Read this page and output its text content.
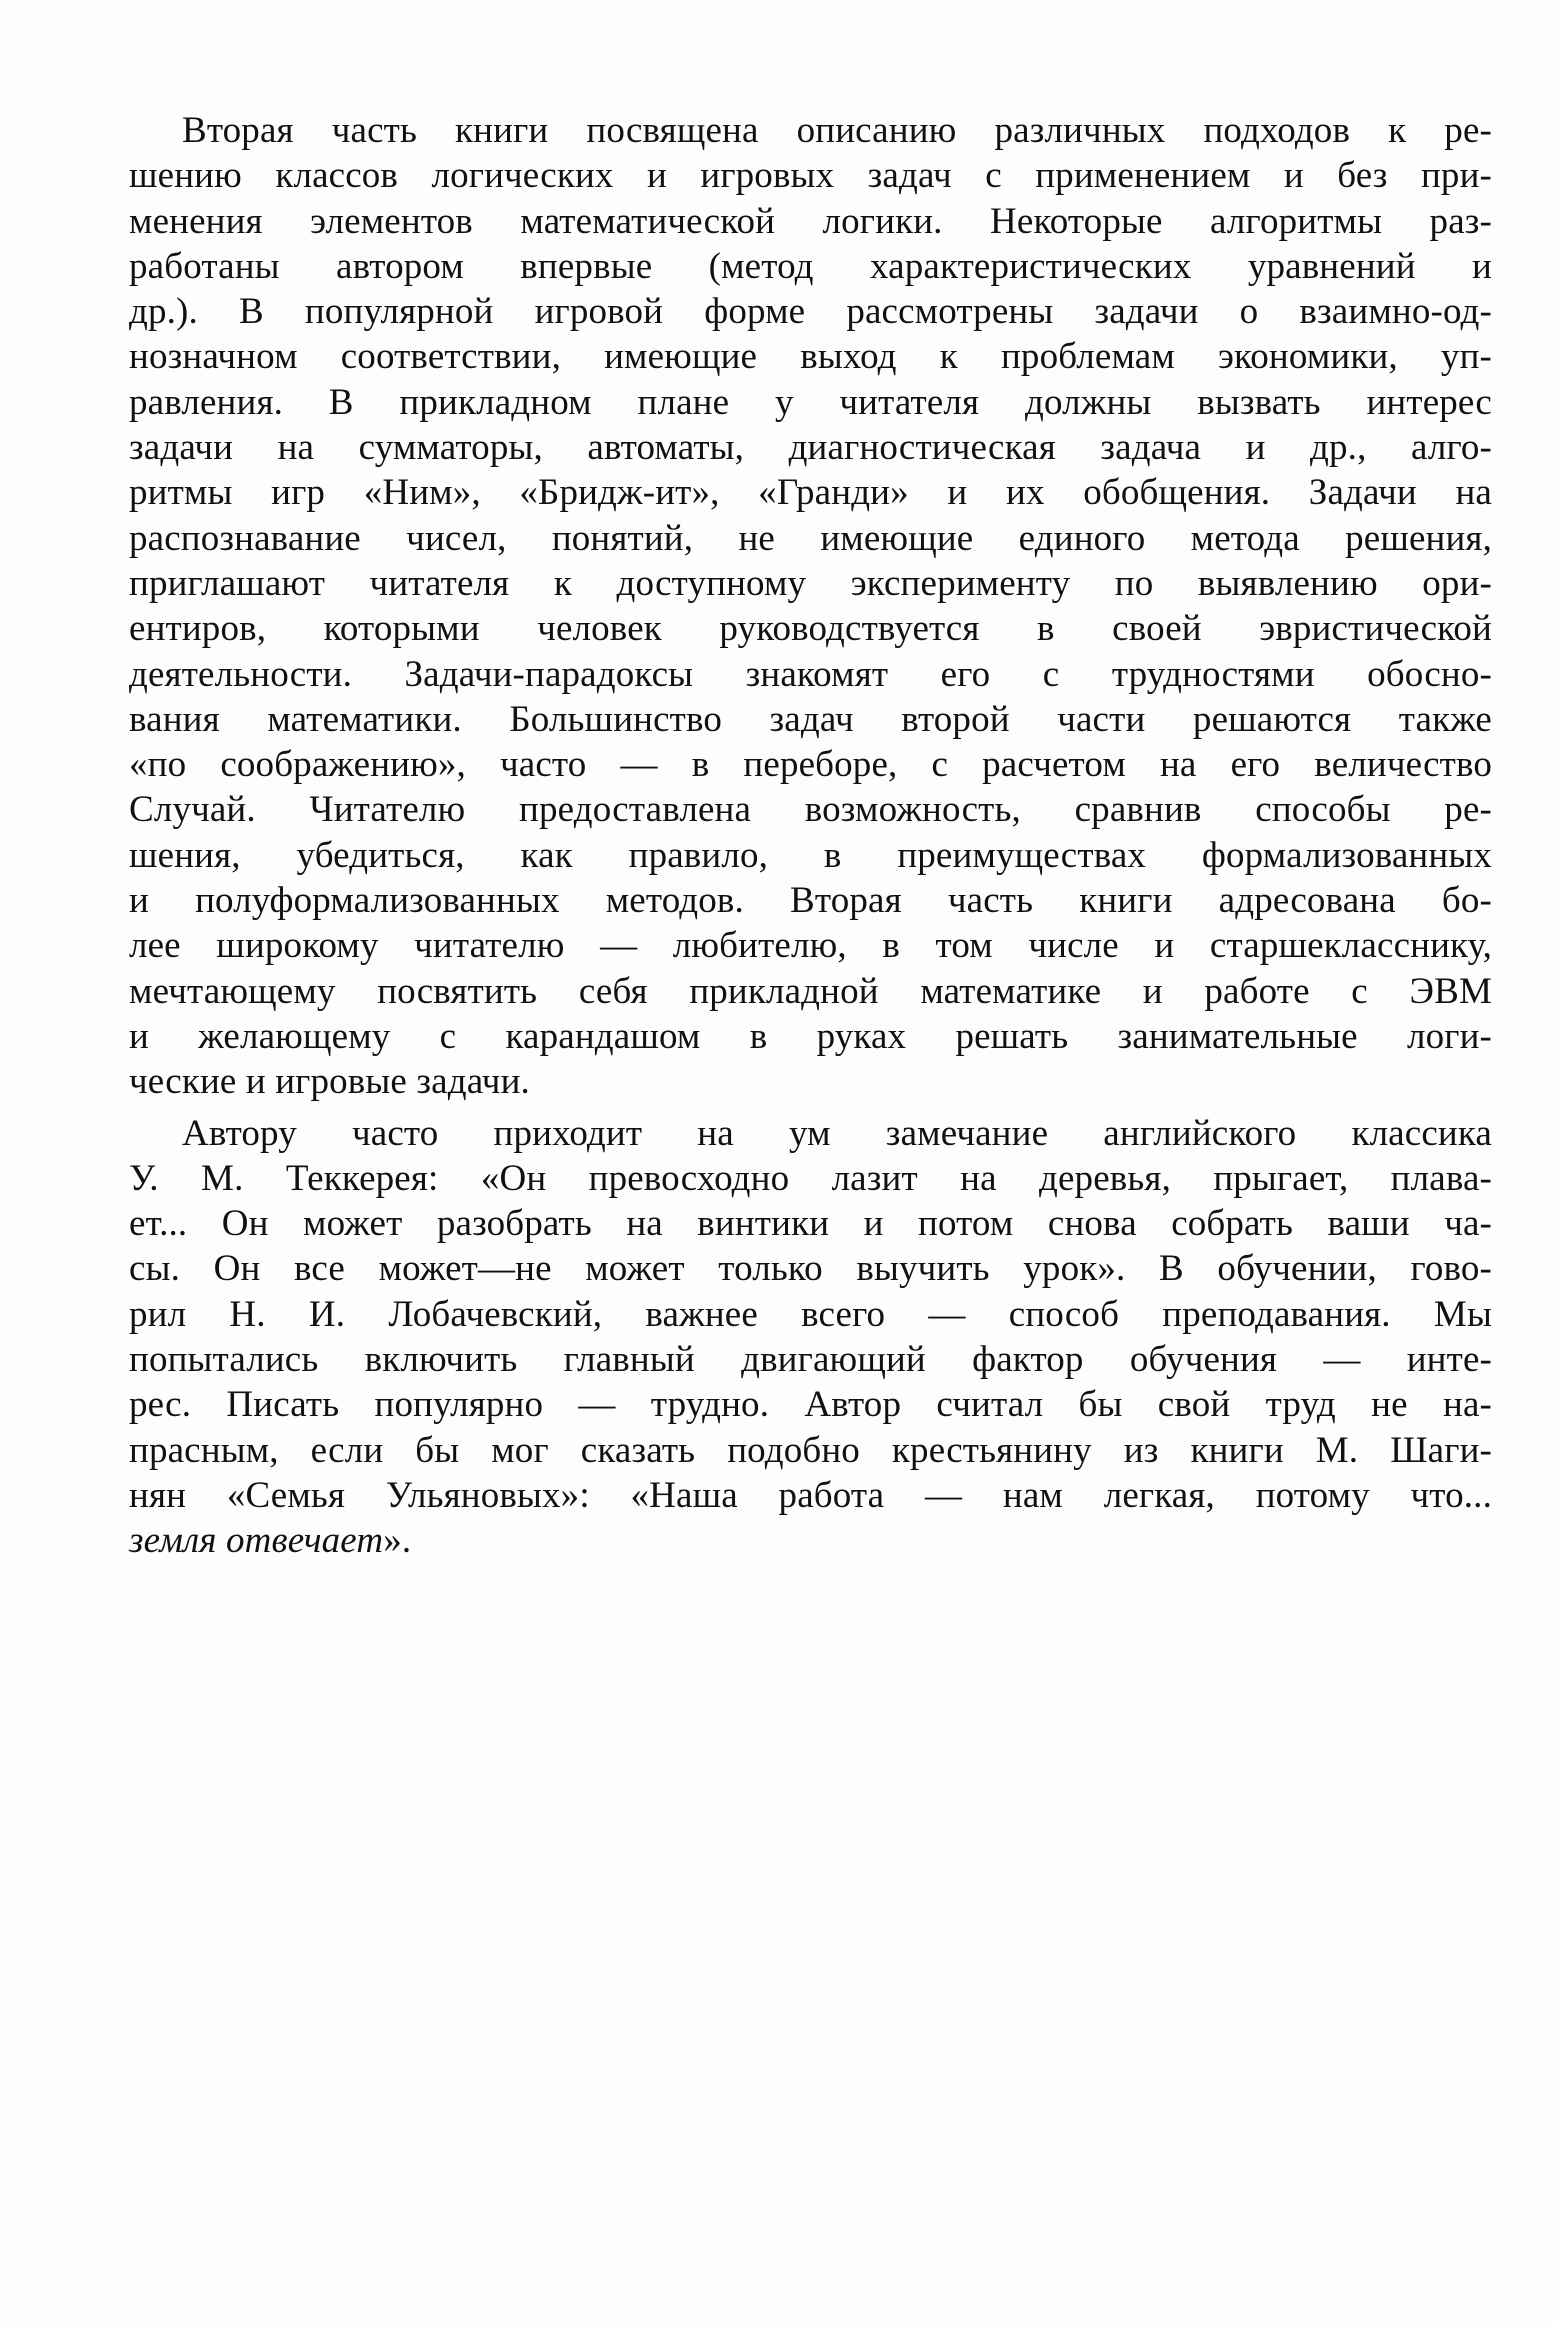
Вторая часть книги посвящена описанию различных подходов к ре-
шению классов логических и игровых задач с применением и без при-
менения элементов математической логики. Некоторые алгоритмы раз-
работаны автором впервые (метод характеристических уравнений и
др.). В популярной игровой форме рассмотрены задачи о взаимно-од-
нозначном соответствии, имеющие выход к проблемам экономики, уп-
равления. В прикладном плане у читателя должны вызвать интерес
задачи на сумматоры, автоматы, диагностическая задача и др., алго-
ритмы игр «Ним», «Бридж-ит», «Гранди» и их обобщения. Задачи на
распознавание чисел, понятий, не имеющие единого метода решения,
приглашают читателя к доступному эксперименту по выявлению ори-
ентиров, которыми человек руководствуется в своей эвристической
деятельности. Задачи-парадоксы знакомят его с трудностями обосно-
вания математики. Большинство задач второй части решаются также
«по соображению», часто — в переборе, с расчетом на его величество
Случай. Читателю предоставлена возможность, сравнив способы ре-
шения, убедиться, как правило, в преимуществах формализованных
и полуформализованных методов. Вторая часть книги адресована бо-
лее широкому читателю — любителю, в том числе и старшекласснику,
мечтающему посвятить себя прикладной математике и работе с ЭВМ
и желающему с карандашом в руках решать занимательные логи-
ческие и игровые задачи.
Автору часто приходит на ум замечание английского классика
У. М. Теккерея: «Он превосходно лазит на деревья, прыгает, плава-
ет... Он может разобрать на винтики и потом снова собрать ваши ча-
сы. Он все может—не может только выучить урок». В обучении, гово-
рил Н. И. Лобачевский, важнее всего — способ преподавания. Мы
попытались включить главный двигающий фактор обучения — инте-
рес. Писать популярно — трудно. Автор считал бы свой труд не на-
прасным, если бы мог сказать подобно крестьянину из книги М. Шаги-
нян «Семья Ульяновых»: «Наша работа — нам легкая, потому что...
земля отвечает».
